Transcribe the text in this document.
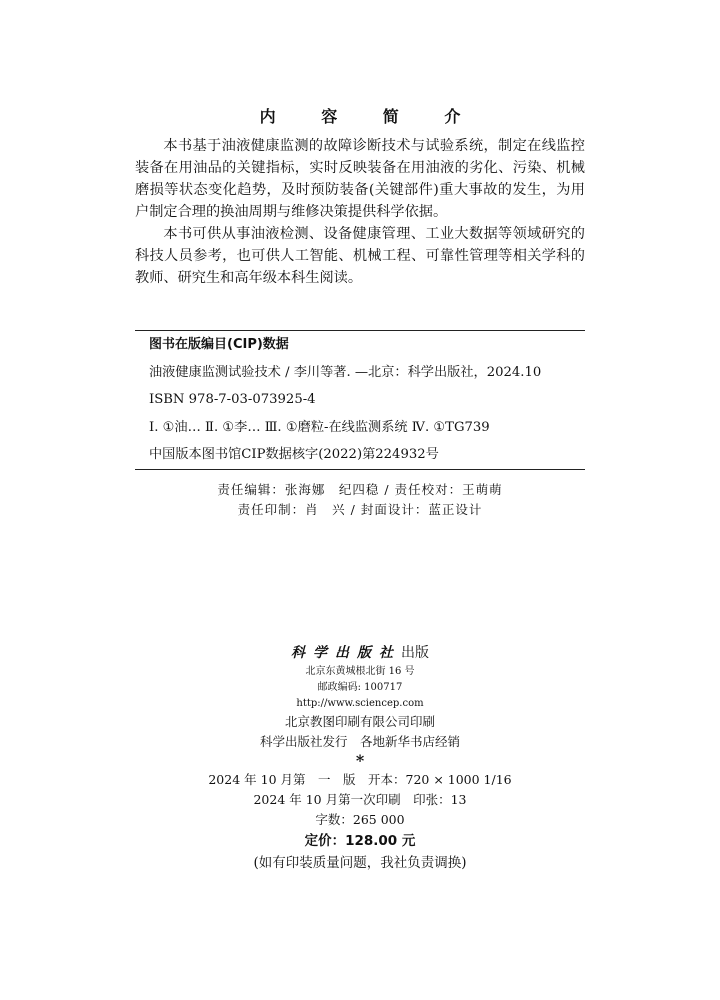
内 容 简 介

本书基于油液健康监测的故障诊断技术与试验系统，制定在线监控装备在用油品的关键指标，实时反映装备在用油液的劣化、污染、机械磨损等状态变化趋势，及时预防装备(关键部件)重大事故的发生，为用户制定合理的换油周期与维修决策提供科学依据。

本书可供从事油液检测、设备健康管理、工业大数据等领域研究的科技人员参考，也可供人工智能、机械工程、可靠性管理等相关学科的教师、研究生和高年级本科生阅读。

图书在版编目(CIP)数据
油液健康监测试验技术 / 李川等著. —北京：科学出版社，2024.10
ISBN 978-7-03-073925-4
Ⅰ. ①油… Ⅱ. ①李… Ⅲ. ①磨粒-在线监测系统 Ⅳ. ①TG739
中国版本图书馆CIP数据核字(2022)第224932号
责任编辑：张海娜　纪四稳 / 责任校对：王萌萌
责任印制：肖　兴 / 封面设计：蓝正设计
科学出版社出版
北京东黄城根北街 16 号
邮政编码: 100717
http://www.sciencep.com
北京教图印刷有限公司印刷
科学出版社发行　各地新华书店经销
*
2024 年 10 月第　一　版　开本：720 × 1000 1/16
2024 年 10 月第一次印刷　印张：13
字数：265 000
定价：128.00 元
(如有印装质量问题，我社负责调换)
